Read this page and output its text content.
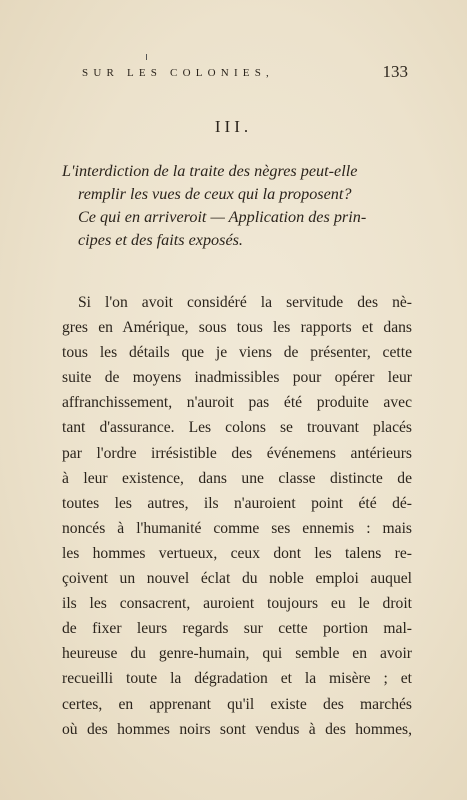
SUR LES COLONIES,	133
III.
L'interdiction de la traite des nègres peut-elle
remplir les vues de ceux qui la proposent?
Ce qui en arriveroit — Application des prin-
cipes et des faits exposés.
Si l'on avoit considéré la servitude des nè-
gres en Amérique, sous tous les rapports et dans
tous les détails que je viens de présenter, cette
suite de moyens inadmissibles pour opérer leur
affranchissement, n'auroit pas été produite avec
tant d'assurance. Les colons se trouvant placés
par l'ordre irrésistible des événemens antérieurs
à leur existence, dans une classe distincte de
toutes les autres, ils n'auroient point été dé-
noncés à l'humanité comme ses ennemis : mais
les hommes vertueux, ceux dont les talens re-
çoivent un nouvel éclat du noble emploi auquel
ils les consacrent, auroient toujours eu le droit
de fixer leurs regards sur cette portion mal-
heureuse du genre-humain, qui semble en avoir
recueilli toute la dégradation et la misère ; et
certes, en apprenant qu'il existe des marchés
où des hommes noirs sont vendus à des hommes,
